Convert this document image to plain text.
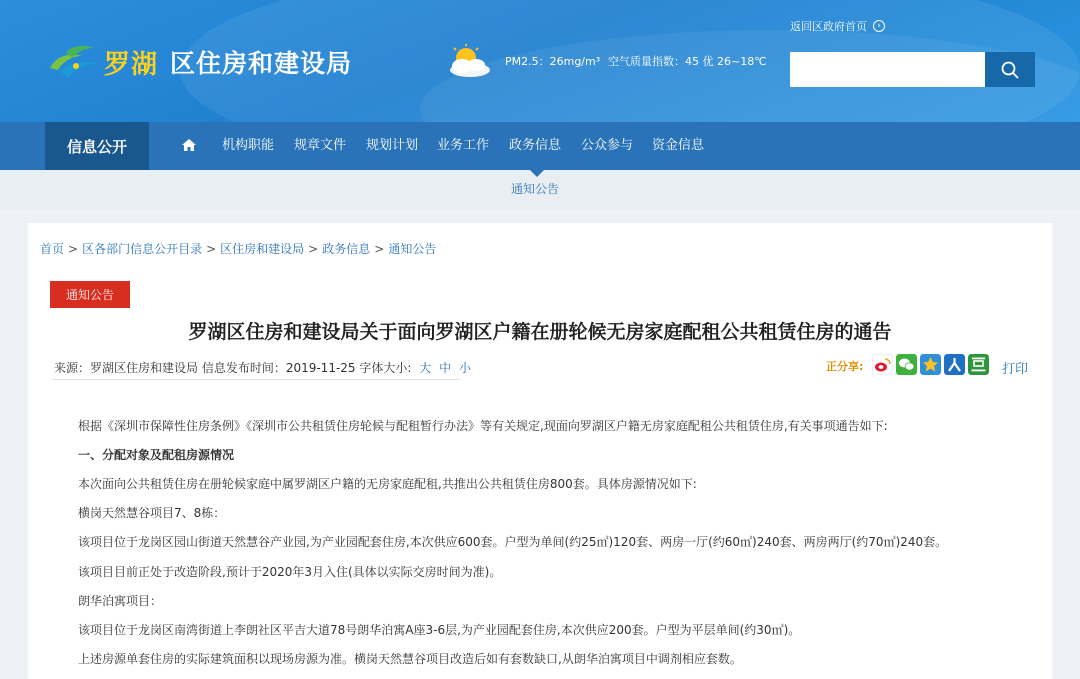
罗湖 区住房和建设局	PM2.5：26mg/m³ 空气质量指数：45 优 26~18℃
返回区政府首页	›
信息公开	机构职能 规章文件 规划计划 业务工作 政务信息 公众参与 资金信息
通知公告
首页 > 区各部门信息公开目录 > 区住房和建设局 > 政务信息 > 通知公告
通知公告
罗湖区住房和建设局关于面向罗湖区户籍在册轮候无房家庭配租公共租赁住房的通告
来源：罗湖区住房和建设局 信息发布时间：2019-11-25 字体大小: 大 中 小	正分享:	打印
根据《深圳市保障性住房条例》《深圳市公共租赁住房轮候与配租暂行办法》等有关规定,现面向罗湖区户籍无房家庭配租公共租赁住房,有关事项通告如下:
一、分配对象及配租房源情况
本次面向公共租赁住房在册轮候家庭中属罗湖区户籍的无房家庭配租,共推出公共租赁住房800套。具体房源情况如下:
横岗天然慧谷项目7、8栋：
该项目位于龙岗区园山街道天然慧谷产业园,为产业园配套住房,本次供应600套。户型为单间(约25㎡)120套、两房一厅(约60㎡)240套、两房两厅(约70㎡)240套。
该项目目前正处于改造阶段,预计于2020年3月入住(具体以实际交房时间为准)。
朗华泊寓项目：
该项目位于龙岗区南湾街道上李朗社区平吉大道78号朗华泊寓A座3-6层,为产业园配套住房,本次供应200套。户型为平层单间(约30㎡)。
上述房源单套住房的实际建筑面积以现场房源为准。横岗天然慧谷项目改造后如有套数缺口,从朗华泊寓项目中调剂相应套数。
